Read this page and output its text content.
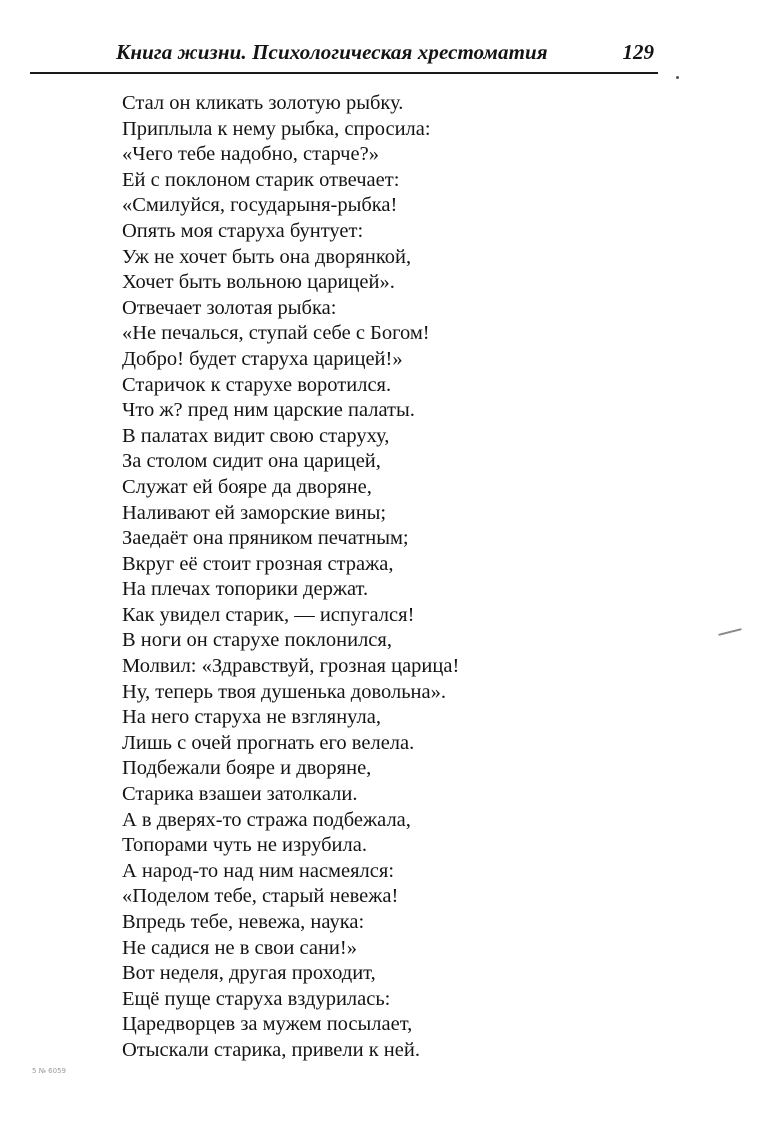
Книга жизни. Психологическая хрестоматия	129
Стал он кликать золотую рыбку.
Приплыла к нему рыбка, спросила:
«Чего тебе надобно, старче?»
Ей с поклоном старик отвечает:
«Смилуйся, государыня-рыбка!
Опять моя старуха бунтует:
Уж не хочет быть она дворянкой,
Хочет быть вольною царицей».
Отвечает золотая рыбка:
«Не печалься, ступай себе с Богом!
Добро! будет старуха царицей!»
Старичок к старухе воротился.
Что ж? пред ним царские палаты.
В палатах видит свою старуху,
За столом сидит она царицей,
Служат ей бояре да дворяне,
Наливают ей заморские вины;
Заедаёт она пряником печатным;
Вкруг её стоит грозная стража,
На плечах топорики держат.
Как увидел старик, — испугался!
В ноги он старухе поклонился,
Молвил: «Здравствуй, грозная царица!
Ну, теперь твоя душенька довольна».
На него старуха не взглянула,
Лишь с очей прогнать его велела.
Подбежали бояре и дворяне,
Старика взашеи затолкали.
А в дверях-то стража подбежала,
Топорами чуть не изрубила.
А народ-то над ним насмеялся:
«Поделом тебе, старый невежа!
Впредь тебе, невежа, наука:
Не садися не в свои сани!»
Вот неделя, другая проходит,
Ещё пуще старуха вздурилась:
Царедворцев за мужем посылает,
Отыскали старика, привели к ней.
5 № 6059
